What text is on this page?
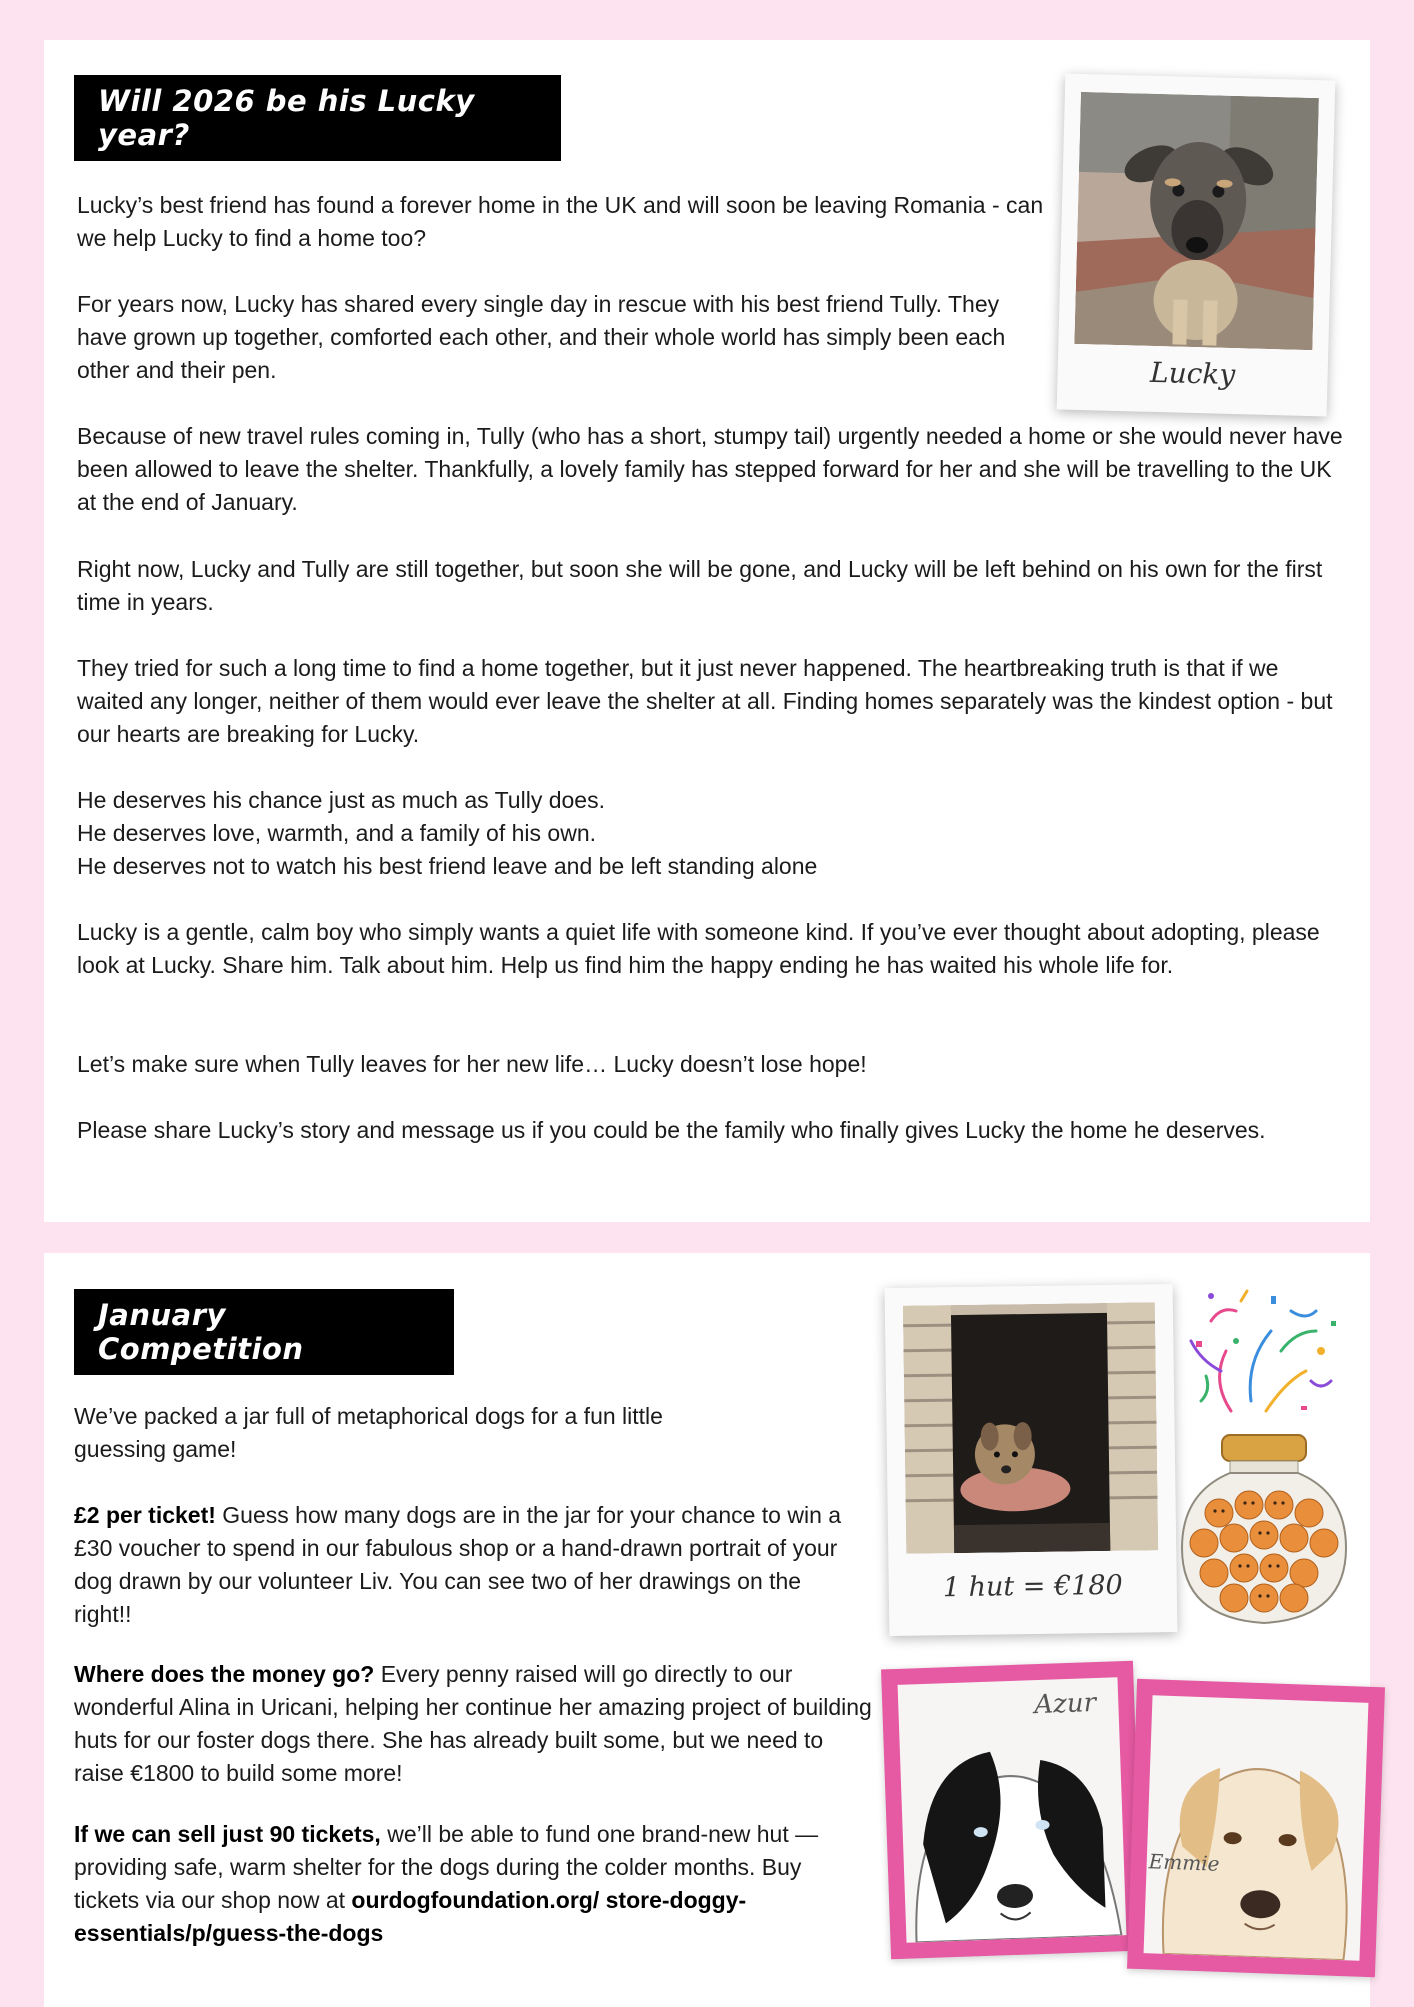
Will 2026 be his Lucky year?

Lucky’s best friend has found a forever home in the UK and will soon be leaving Romania - can we help Lucky to find a home too?

For years now, Lucky has shared every single day in rescue with his best friend Tully. They have grown up together, comforted each other, and their whole world has simply been each other and their pen.

Because of new travel rules coming in, Tully (who has a short, stumpy tail) urgently needed a home or she would never have been allowed to leave the shelter. Thankfully, a lovely family has stepped forward for her and she will be travelling to the UK at the end of January.

Right now, Lucky and Tully are still together, but soon she will be gone, and Lucky will be left behind on his own for the first time in years.

They tried for such a long time to find a home together, but it just never happened. The heartbreaking truth is that if we waited any longer, neither of them would ever leave the shelter at all. Finding homes separately was the kindest option - but our hearts are breaking for Lucky.

He deserves his chance just as much as Tully does.

He deserves love, warmth, and a family of his own.

He deserves not to watch his best friend leave and be left standing alone

Lucky is a gentle, calm boy who simply wants a quiet life with someone kind. If you’ve ever thought about adopting, please look at Lucky. Share him. Talk about him. Help us find him the happy ending he has waited his whole life for.

Let’s make sure when Tully leaves for her new life… Lucky doesn’t lose hope!

Please share Lucky’s story and message us if you could be the family who finally gives Lucky the home he deserves.

Lucky
January Competition

We’ve packed a jar full of metaphorical dogs for a fun little guessing game!

£2 per ticket! Guess how many dogs are in the jar for your chance to win a £30 voucher to spend in our fabulous shop or a hand-drawn portrait of your dog drawn by our volunteer Liv. You can see two of her drawings on the right!!

Where does the money go? Every penny raised will go directly to our wonderful Alina in Uricani, helping her continue her amazing project of building huts for our foster dogs there. She has already built some, but we need to raise €1800 to build some more!

If we can sell just 90 tickets, we’ll be able to fund one brand-new hut — providing safe, warm shelter for the dogs during the colder months. Buy tickets via our shop now at ourdogfoundation.org/ store-doggy-essentials/p/guess-the-dogs

1 hut = €180
Azur
Emmie
